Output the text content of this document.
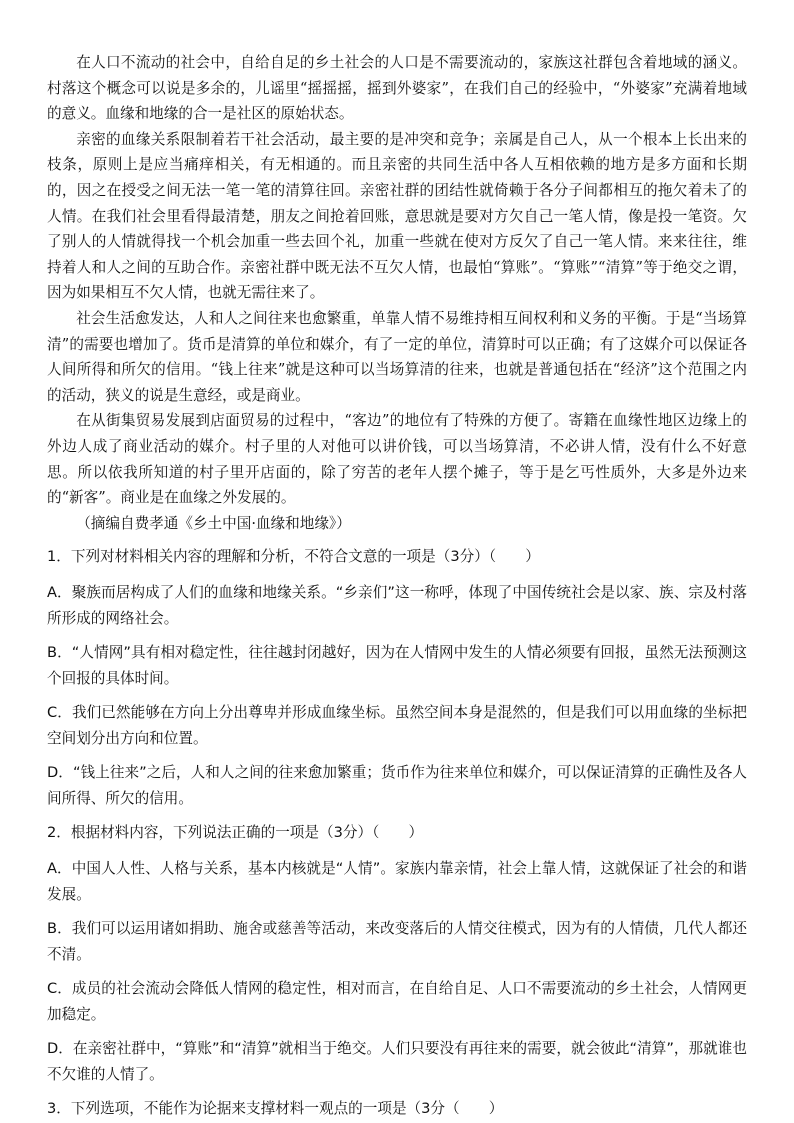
在人口不流动的社会中，自给自足的乡土社会的人口是不需要流动的，家族这社群包含着地域的涵义。村落这个概念可以说是多余的，儿谣里“摇摇摇，摇到外婆家”，在我们自己的经验中，“外婆家”充满着地域的意义。血缘和地缘的合一是社区的原始状态。

亲密的血缘关系限制着若干社会活动，最主要的是冲突和竞争；亲属是自己人，从一个根本上长出来的枝条，原则上是应当痛痒相关，有无相通的。而且亲密的共同生活中各人互相依赖的地方是多方面和长期的，因之在授受之间无法一笔一笔的清算往回。亲密社群的团结性就倚赖于各分子间都相互的拖欠着未了的人情。在我们社会里看得最清楚，朋友之间抢着回账，意思就是要对方欠自己一笔人情，像是投一笔资。欠了别人的人情就得找一个机会加重一些去回个礼，加重一些就在使对方反欠了自己一笔人情。来来往往，维持着人和人之间的互助合作。亲密社群中既无法不互欠人情，也最怕“算账”。“算账”“清算”等于绝交之谓，因为如果相互不欠人情，也就无需往来了。

社会生活愈发达，人和人之间往来也愈繁重，单靠人情不易维持相互间权利和义务的平衡。于是“当场算清”的需要也增加了。货币是清算的单位和媒介，有了一定的单位，清算时可以正确；有了这媒介可以保证各人间所得和所欠的信用。“钱上往来”就是这种可以当场算清的往来，也就是普通包括在“经济”这个范围之内的活动，狭义的说是生意经，或是商业。

在从街集贸易发展到店面贸易的过程中，“客边”的地位有了特殊的方便了。寄籍在血缘性地区边缘上的外边人成了商业活动的媒介。村子里的人对他可以讲价钱，可以当场算清，不必讲人情，没有什么不好意思。所以依我所知道的村子里开店面的，除了穷苦的老年人摆个摊子，等于是乞丐性质外，大多是外边来的“新客”。商业是在血缘之外发展的。

（摘编自费孝通《乡土中国·血缘和地缘》）

1．下列对材料相关内容的理解和分析，不符合文意的一项是（3分）（　　）

A．聚族而居构成了人们的血缘和地缘关系。“乡亲们”这一称呼，体现了中国传统社会是以家、族、宗及村落所形成的网络社会。

B．“人情网”具有相对稳定性，往往越封闭越好，因为在人情网中发生的人情必须要有回报，虽然无法预测这个回报的具体时间。

C．我们已然能够在方向上分出尊卑并形成血缘坐标。虽然空间本身是混然的，但是我们可以用血缘的坐标把空间划分出方向和位置。

D．“钱上往来”之后，人和人之间的往来愈加繁重；货币作为往来单位和媒介，可以保证清算的正确性及各人间所得、所欠的信用。

2．根据材料内容，下列说法正确的一项是（3分）（　　）

A．中国人人性、人格与关系，基本内核就是“人情”。家族内靠亲情，社会上靠人情，这就保证了社会的和谐发展。

B．我们可以运用诸如捐助、施舍或慈善等活动，来改变落后的人情交往模式，因为有的人情债，几代人都还不清。

C．成员的社会流动会降低人情网的稳定性，相对而言，在自给自足、人口不需要流动的乡土社会，人情网更加稳定。

D．在亲密社群中，“算账”和“清算”就相当于绝交。人们只要没有再往来的需要，就会彼此“清算”，那就谁也不欠谁的人情了。

3．下列选项，不能作为论据来支撑材料一观点的一项是（3分（　　）
